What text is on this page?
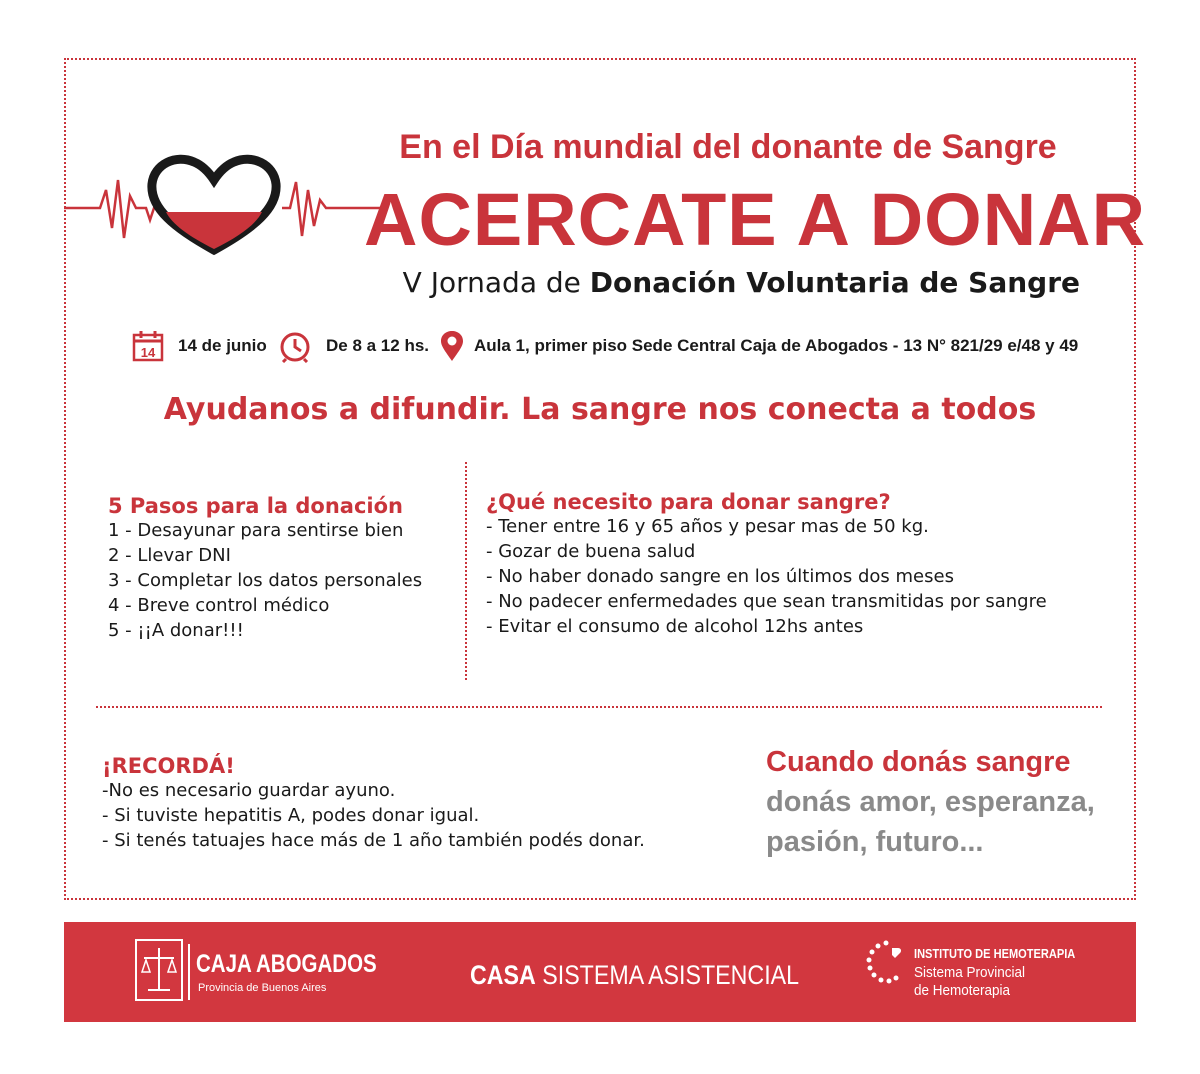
En el Día mundial del donante de Sangre
ACERCATE A DONAR
V Jornada de Donación Voluntaria de Sangre
14 14 de junio	De 8 a 12 hs.	Aula 1, primer piso Sede Central Caja de Abogados - 13 N° 821/29 e/48 y 49
Ayudanos a difundir. La sangre nos conecta a todos
5 Pasos para la donación
1 - Desayunar para sentirse bien
2 - Llevar DNI
3 - Completar los datos personales
4 - Breve control médico
5 - ¡¡A donar!!!
¿Qué necesito para donar sangre?
- Tener entre 16 y 65 años y pesar mas de 50 kg.
- Gozar de buena salud
- No haber donado sangre en los últimos dos meses
- No padecer enfermedades que sean transmitidas por sangre
- Evitar el consumo de alcohol 12hs antes
¡RECORDÁ!
-No es necesario guardar ayuno.
- Si tuviste hepatitis A, podes donar igual.
- Si tenés tatuajes hace más de 1 año también podés donar.
Cuando donás sangre
donás amor, esperanza,
pasión, futuro...
CAJA ABOGADOS
Provincia de Buenos Aires	CASA SISTEMA ASISTENCIAL
INSTITUTO DE HEMOTERAPIA
Sistema Provincial
de Hemoterapia
